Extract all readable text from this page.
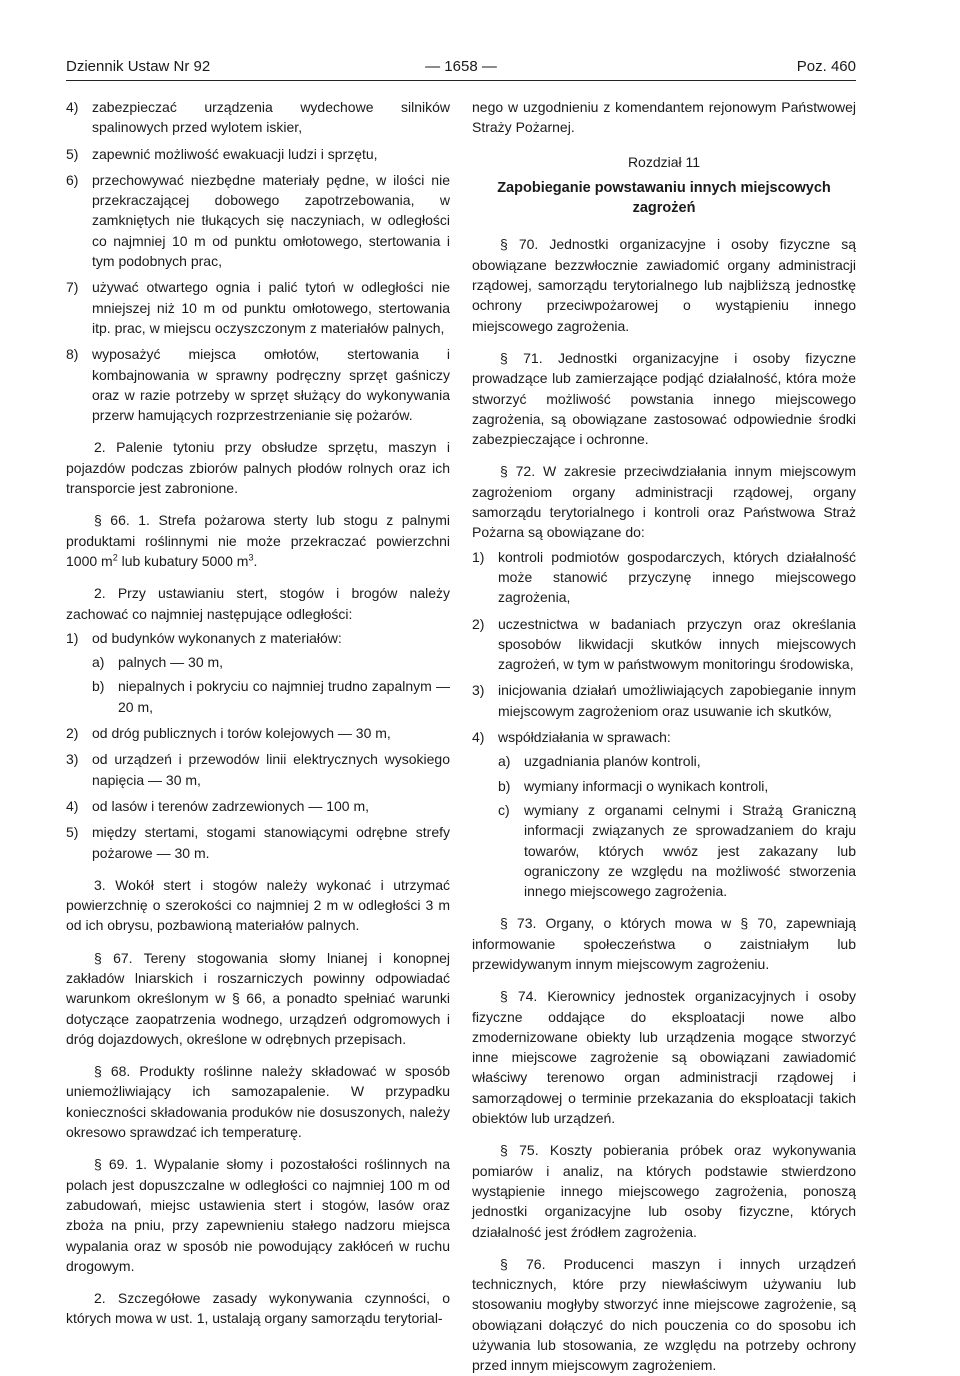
Dziennik Ustaw Nr 92	— 1658 —	Poz. 460
4) zabezpieczać urządzenia wydechowe silników spalinowych przed wylotem iskier,
5) zapewnić możliwość ewakuacji ludzi i sprzętu,
6) przechowywać niezbędne materiały pędne, w ilości nie przekraczającej dobowego zapotrzebowania, w zamkniętych nie tłukących się naczyniach, w odległości co najmniej 10 m od punktu omłotowego, stertowania i tym podobnych prac,
7) używać otwartego ognia i palić tytoń w odległości nie mniejszej niż 10 m od punktu omłotowego, stertowania itp. prac, w miejscu oczyszczonym z materiałów palnych,
8) wyposażyć miejsca omłotów, stertowania i kombajnowania w sprawny podręczny sprzęt gaśniczy oraz w razie potrzeby w sprzęt służący do wykonywania przerw hamujących rozprzestrzenianie się pożarów.

2. Palenie tytoniu przy obsłudze sprzętu, maszyn i pojazdów podczas zbiorów palnych płodów rolnych oraz ich transporcie jest zabronione.

§ 66. 1. Strefa pożarowa sterty lub stogu z palnymi produktami roślinnymi nie może przekraczać powierzchni 1000 $m^2$ lub kubatury 5000 $m^3$.

2. Przy ustawianiu stert, stogów i brogów należy zachować co najmniej następujące odległości:

1) od budynków wykonanych z materiałów:
a) palnych — 30 m,
b) niepalnych i pokryciu co najmniej trudno zapalnym — 20 m,
2) od dróg publicznych i torów kolejowych — 30 m,
3) od urządzeń i przewodów linii elektrycznych wysokiego napięcia — 30 m,
4) od lasów i terenów zadrzewionych — 100 m,
5) między stertami, stogami stanowiącymi odrębne strefy pożarowe — 30 m.

3. Wokół stert i stogów należy wykonać i utrzymać powierzchnię o szerokości co najmniej 2 m w odległości 3 m od ich obrysu, pozbawioną materiałów palnych.

§ 67. Tereny stogowania słomy lnianej i konopnej zakładów lniarskich i roszarniczych powinny odpowiadać warunkom określonym w § 66, a ponadto spełniać warunki dotyczące zaopatrzenia wodnego, urządzeń odgromowych i dróg dojazdowych, określone w odrębnych przepisach.

§ 68. Produkty roślinne należy składować w sposób uniemożliwiający ich samozapalenie. W przypadku konieczności składowania produków nie dosuszonych, należy okresowo sprawdzać ich temperaturę.

§ 69. 1. Wypalanie słomy i pozostałości roślinnych na polach jest dopuszczalne w odległości co najmniej 100 m od zabudowań, miejsc ustawienia stert i stogów, lasów oraz zboża na pniu, przy zapewnieniu stałego nadzoru miejsca wypalania oraz w sposób nie powodujący zakłóceń w ruchu drogowym.

2. Szczegółowe zasady wykonywania czynności, o których mowa w ust. 1, ustalają organy samorządu terytorial-

nego w uzgodnieniu z komendantem rejonowym Państwowej Straży Pożarnej.

Rozdział 11
Zapobieganie powstawaniu innych miejscowych zagrożeń

§ 70. Jednostki organizacyjne i osoby fizyczne są obowiązane bezzwłocznie zawiadomić organy administracji rządowej, samorządu terytorialnego lub najbliższą jednostkę ochrony przeciwpożarowej o wystąpieniu innego miejscowego zagrożenia.

§ 71. Jednostki organizacyjne i osoby fizyczne prowadzące lub zamierzające podjąć działalność, która może stworzyć możliwość powstania innego miejscowego zagrożenia, są obowiązane zastosować odpowiednie środki zabezpieczające i ochronne.

§ 72. W zakresie przeciwdziałania innym miejscowym zagrożeniom organy administracji rządowej, organy samorządu terytorialnego i kontroli oraz Państwowa Straż Pożarna są obowiązane do:

1) kontroli podmiotów gospodarczych, których działalność może stanowić przyczynę innego miejscowego zagrożenia,
2) uczestnictwa w badaniach przyczyn oraz określania sposobów likwidacji skutków innych miejscowych zagrożeń, w tym w państwowym monitoringu środowiska,
3) inicjowania działań umożliwiających zapobieganie innym miejscowym zagrożeniom oraz usuwanie ich skutków,
4) współdziałania w sprawach:
a) uzgadniania planów kontroli,
b) wymiany informacji o wynikach kontroli,
c)	wymiany z organami celnymi i Strażą Graniczną informacji związanych ze sprowadzaniem do kraju towarów, których wwóz jest zakazany lub ograniczony ze względu na możliwość stworzenia innego miejscowego zagrożenia.

§ 73. Organy, o których mowa w § 70, zapewniają informowanie społeczeństwa o zaistniałym lub przewidywanym innym miejscowym zagrożeniu.

§ 74. Kierownicy jednostek organizacyjnych i osoby fizyczne oddające do eksploatacji nowe albo zmodernizowane obiekty lub urządzenia mogące stworzyć inne miejscowe zagrożenie są obowiązani zawiadomić właściwy terenowo organ administracji rządowej i samorządowej o terminie przekazania do eksploatacji takich obiektów lub urządzeń.

§ 75. Koszty pobierania próbek oraz wykonywania pomiarów i analiz, na których podstawie stwierdzono wystąpienie innego miejscowego zagrożenia, ponoszą jednostki organizacyjne lub osoby fizyczne, których działalność jest źródłem zagrożenia.

§ 76. Producenci maszyn i innych urządzeń technicznych, które przy niewłaściwym używaniu lub stosowaniu mogłyby stworzyć inne miejscowe zagrożenie, są obowiązani dołączyć do nich pouczenia co do sposobu ich używania lub stosowania, ze względu na potrzeby ochrony przed innym miejscowym zagrożeniem.
